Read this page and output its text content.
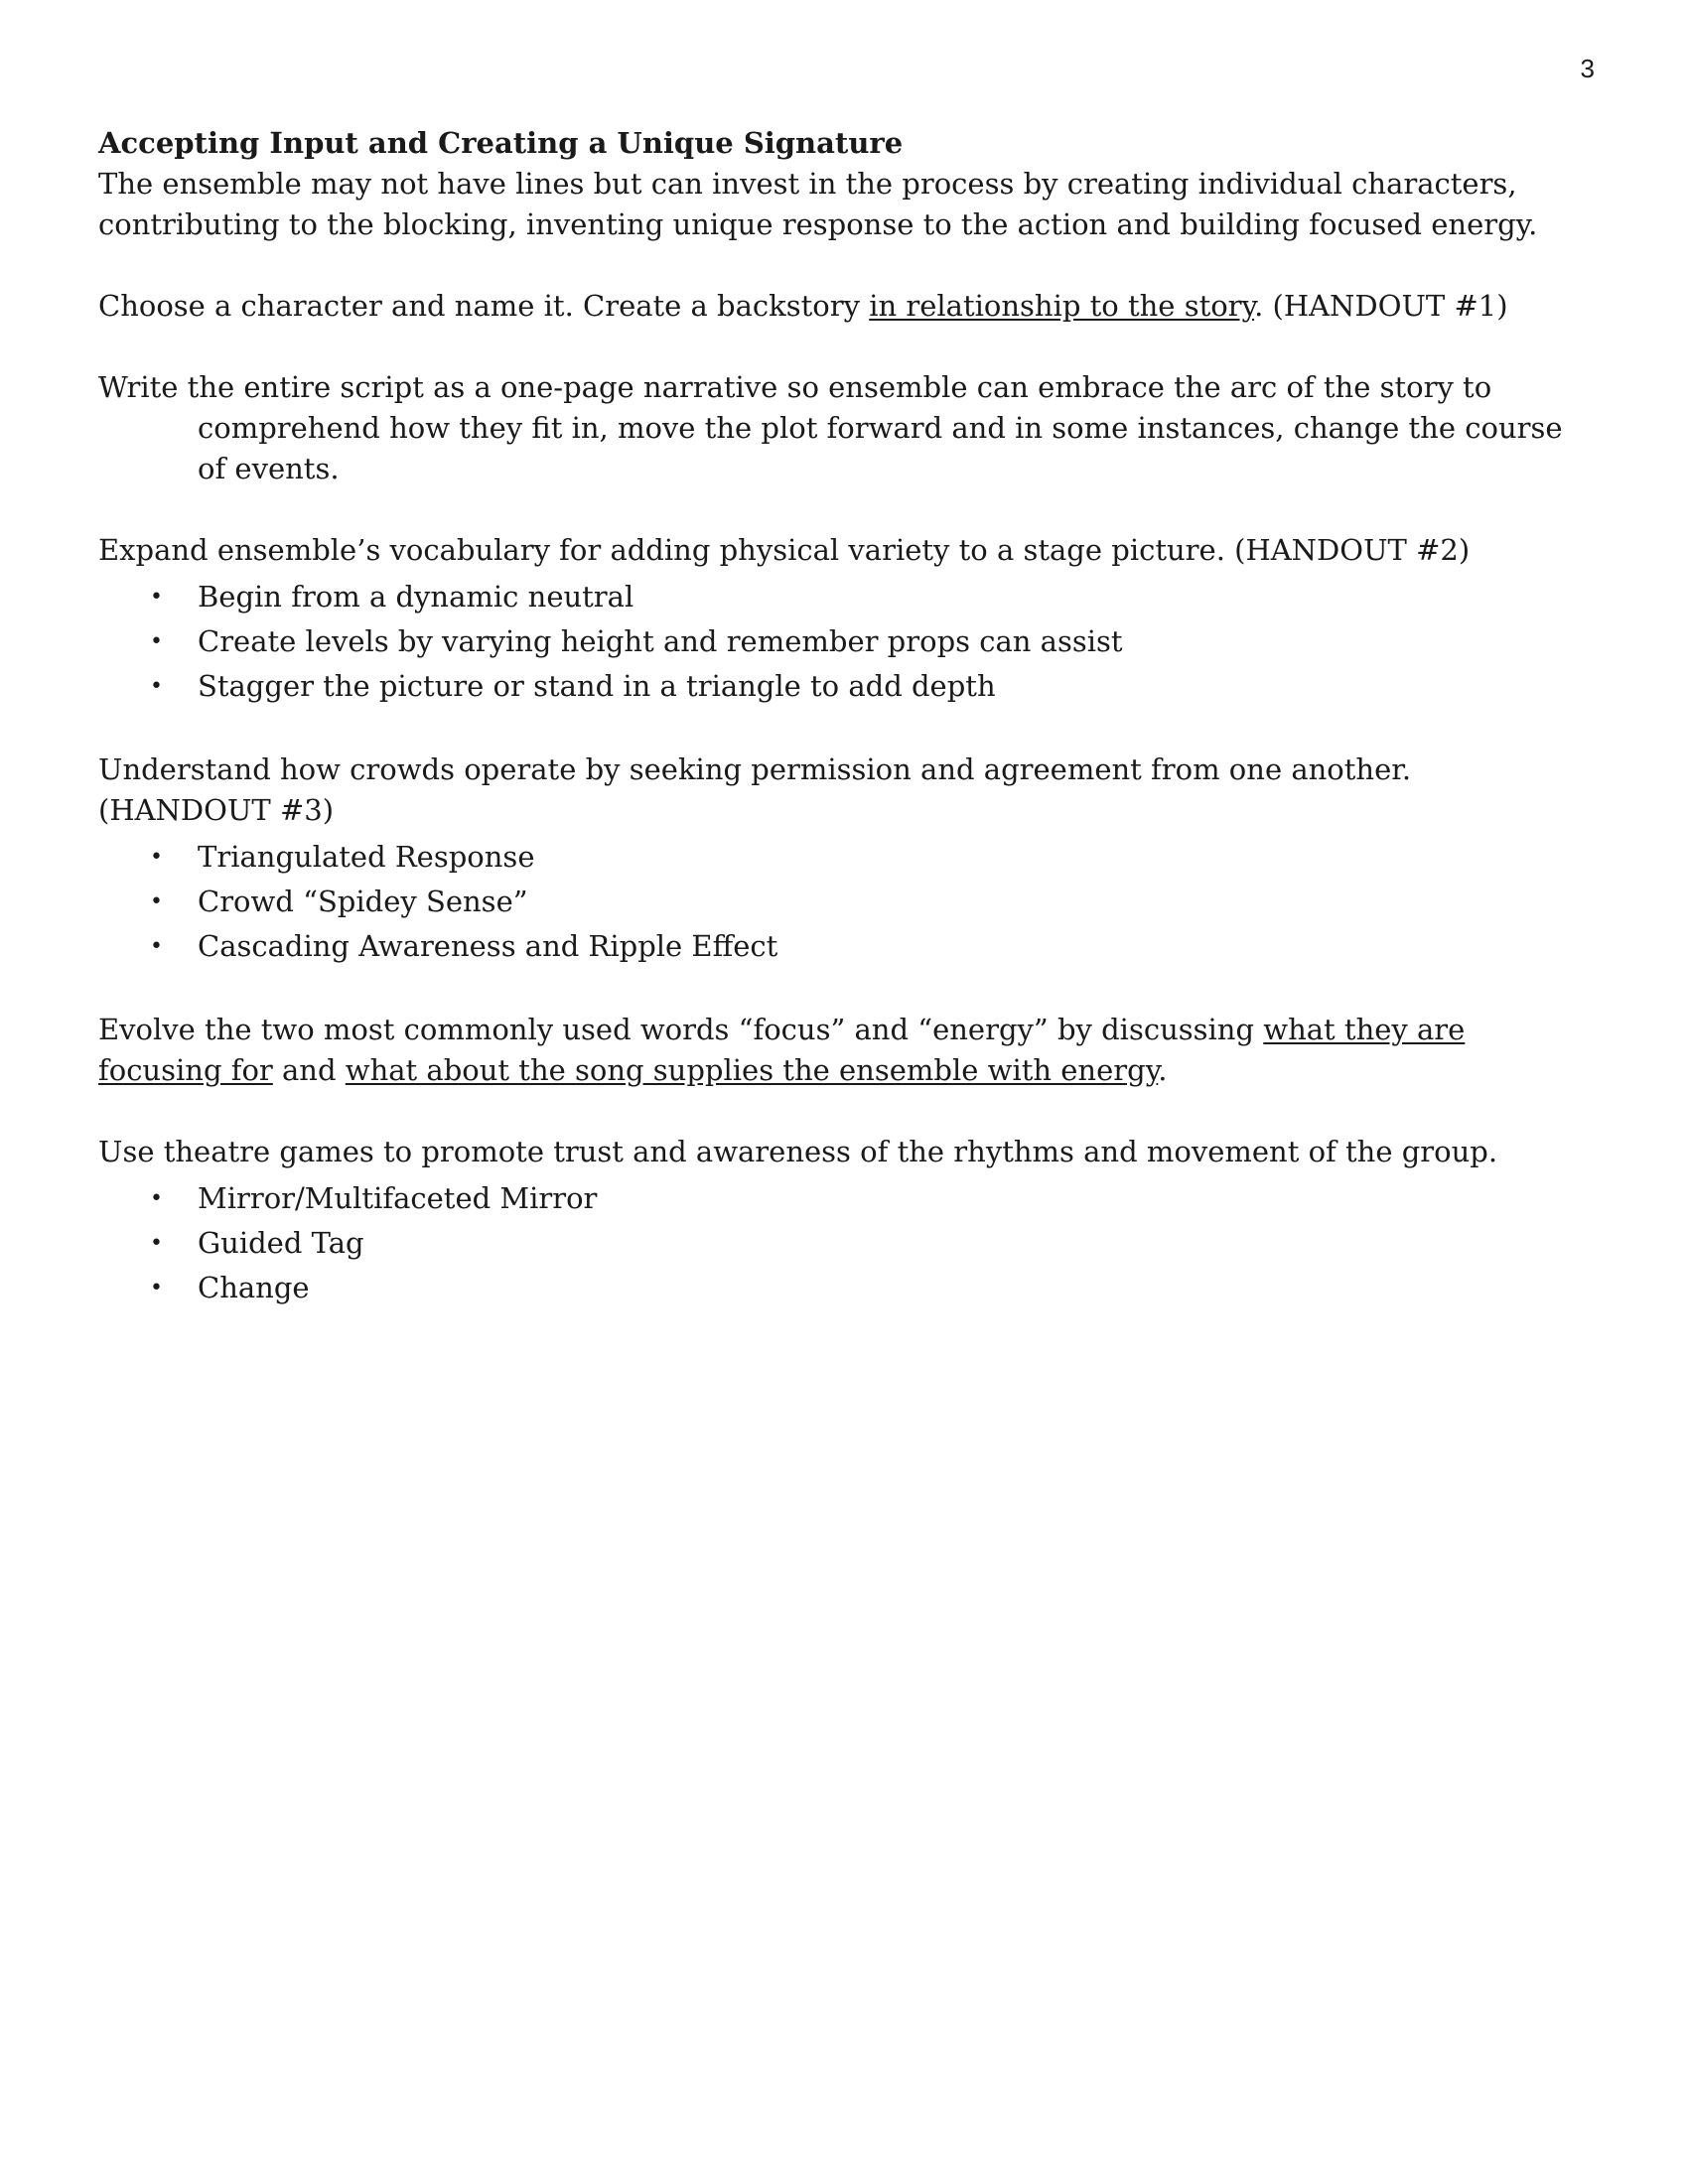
3

Accepting Input and Creating a Unique Signature

The ensemble may not have lines but can invest in the process by creating individual characters, contributing to the blocking, inventing unique response to the action and building focused energy.

Choose a character and name it. Create a backstory in relationship to the story. (HANDOUT #1)

Write the entire script as a one-page narrative so ensemble can embrace the arc of the story to
comprehend how they fit in, move the plot forward and in some instances, change the course of events.

Expand ensemble’s vocabulary for adding physical variety to a stage picture. (HANDOUT #2)

• Begin from a dynamic neutral
• Create levels by varying height and remember props can assist
• Stagger the picture or stand in a triangle to add depth

Understand how crowds operate by seeking permission and agreement from one another. (HANDOUT #3)

• Triangulated Response
• Crowd “Spidey Sense”
• Cascading Awareness and Ripple Effect

Evolve the two most commonly used words “focus” and “energy” by discussing what they are focusing for and what about the song supplies the ensemble with energy.

Use theatre games to promote trust and awareness of the rhythms and movement of the group.

• Mirror/Multifaceted Mirror
• Guided Tag
• Change
